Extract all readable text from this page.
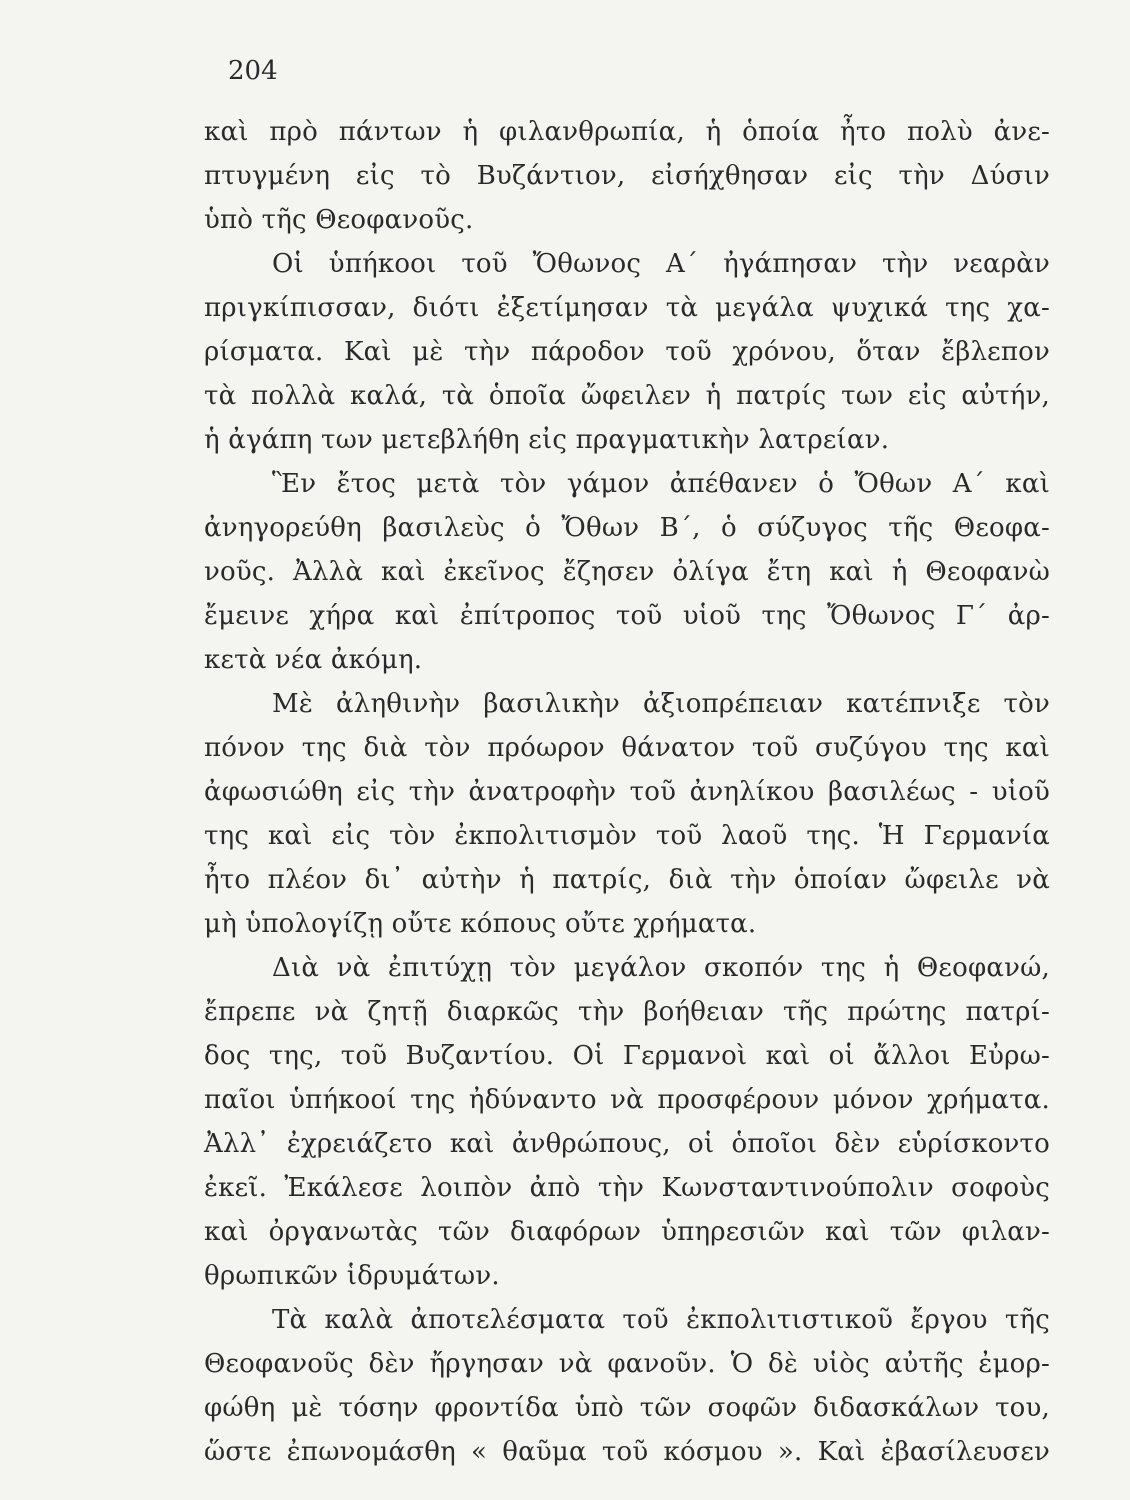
204
καὶ πρὸ πάντων ἡ φιλανθρωπία, ἡ ὁποία ἦτο πολὺ ἀνε-
πτυγμένη εἰς τὸ Βυζάντιον, εἰσήχθησαν εἰς τὴν Δύσιν
ὑπὸ τῆς Θεοφανοῦς.
Οἱ ὑπήκοοι τοῦ Ὄθωνος Α΄ ἠγάπησαν τὴν νεαρὰν
πριγκίπισσαν, διότι ἐξετίμησαν τὰ μεγάλα ψυχικά της χα-
ρίσματα. Καὶ μὲ τὴν πάροδον τοῦ χρόνου, ὅταν ἔβλεπον
τὰ πολλὰ καλά, τὰ ὁποῖα ὤφειλεν ἡ πατρίς των εἰς αὐτήν,
ἡ ἀγάπη των μετεβλήθη εἰς πραγματικὴν λατρείαν.
Ἓν ἔτος μετὰ τὸν γάμον ἀπέθανεν ὁ Ὄθων Α΄ καὶ
ἀνηγορεύθη βασιλεὺς ὁ Ὄθων Β΄, ὁ σύζυγος τῆς Θεοφα-
νοῦς. Ἀλλὰ καὶ ἐκεῖνος ἔζησεν ὀλίγα ἔτη καὶ ἡ Θεοφανὼ
ἔμεινε χήρα καὶ ἐπίτροπος τοῦ υἱοῦ της Ὄθωνος Γ΄ ἀρ-
κετὰ νέα ἀκόμη.
Μὲ ἀληθινὴν βασιλικὴν ἀξιοπρέπειαν κατέπνιξε τὸν
πόνον της διὰ τὸν πρόωρον θάνατον τοῦ συζύγου της καὶ
ἀφωσιώθη εἰς τὴν ἀνατροφὴν τοῦ ἀνηλίκου βασιλέως - υἱοῦ
της καὶ εἰς τὸν ἐκπολιτισμὸν τοῦ λαοῦ της. Ἡ Γερμανία
ἦτο πλέον δι᾽ αὐτὴν ἡ πατρίς, διὰ τὴν ὁποίαν ὤφειλε νὰ
μὴ ὑπολογίζῃ οὔτε κόπους οὔτε χρήματα.
Διὰ νὰ ἐπιτύχῃ τὸν μεγάλον σκοπόν της ἡ Θεοφανώ,
ἔπρεπε νὰ ζητῇ διαρκῶς τὴν βοήθειαν τῆς πρώτης πατρί-
δος της, τοῦ Βυζαντίου. Οἱ Γερμανοὶ καὶ οἱ ἄλλοι Εὐρω-
παῖοι ὑπήκοοί της ἠδύναντο νὰ προσφέρουν μόνον χρήματα.
Ἀλλ᾽ ἐχρειάζετο καὶ ἀνθρώπους, οἱ ὁποῖοι δὲν εὑρίσκοντο
ἐκεῖ. Ἐκάλεσε λοιπὸν ἀπὸ τὴν Κωνσταντινούπολιν σοφοὺς
καὶ ὀργανωτὰς τῶν διαφόρων ὑπηρεσιῶν καὶ τῶν φιλαν-
θρωπικῶν ἱδρυμάτων.
Τὰ καλὰ ἀποτελέσματα τοῦ ἐκπολιτιστικοῦ ἔργου τῆς
Θεοφανοῦς δὲν ἤργησαν νὰ φανοῦν. Ὁ δὲ υἱὸς αὐτῆς ἐμορ-
φώθη μὲ τόσην φροντίδα ὑπὸ τῶν σοφῶν διδασκάλων του,
ὥστε ἐπωνομάσθη « θαῦμα τοῦ κόσμου ». Καὶ ἐβασίλευσεν
